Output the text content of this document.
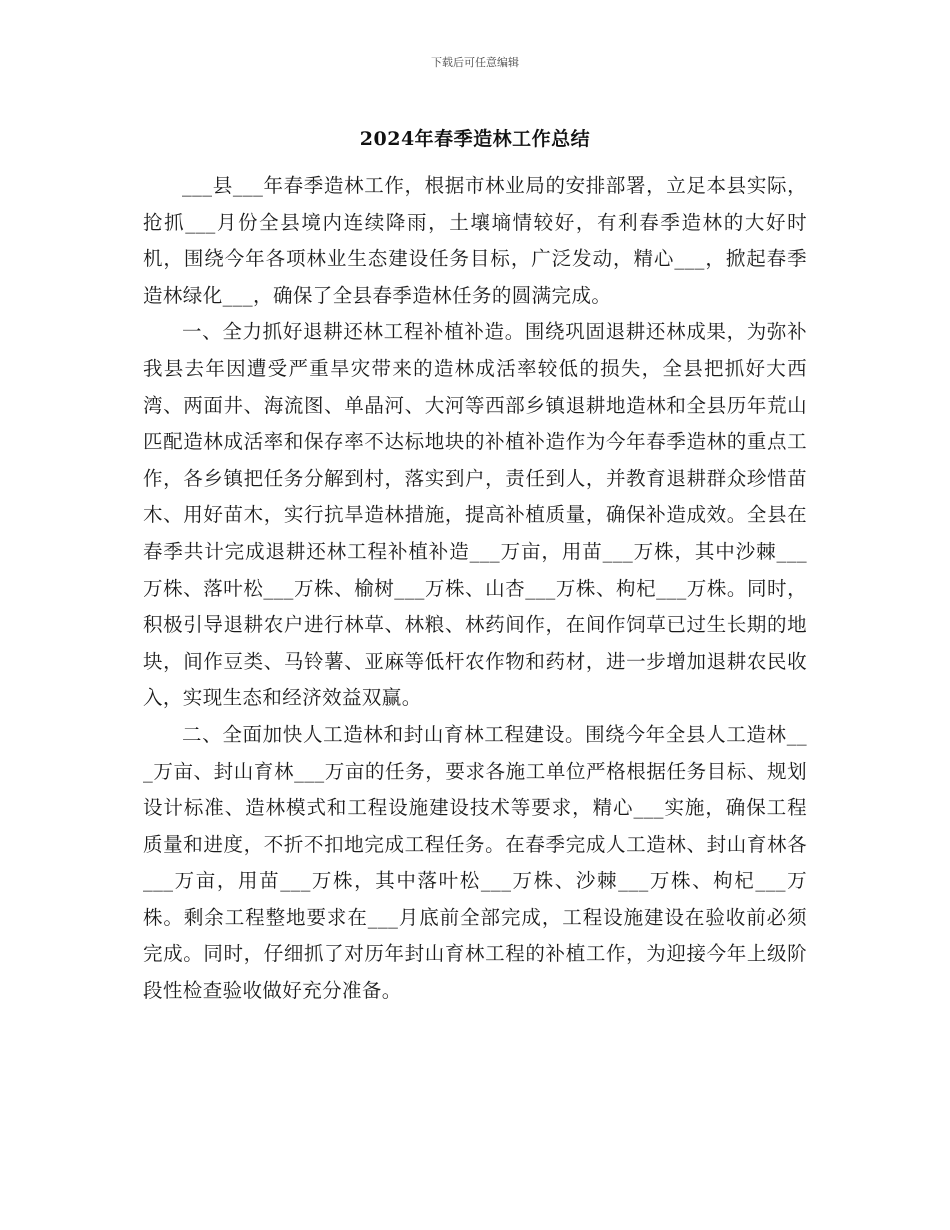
下载后可任意编辑
2024年春季造林工作总结

___县___年春季造林工作，根据市林业局的安排部署，立足本县实际，抢抓___月份全县境内连续降雨，土壤墒情较好，有利春季造林的大好时机，围绕今年各项林业生态建设任务目标，广泛发动，精心___，掀起春季造林绿化___，确保了全县春季造林任务的圆满完成。

一、全力抓好退耕还林工程补植补造。围绕巩固退耕还林成果，为弥补我县去年因遭受严重旱灾带来的造林成活率较低的损失，全县把抓好大西湾、两面井、海流图、单晶河、大河等西部乡镇退耕地造林和全县历年荒山匹配造林成活率和保存率不达标地块的补植补造作为今年春季造林的重点工作，各乡镇把任务分解到村，落实到户，责任到人，并教育退耕群众珍惜苗木、用好苗木，实行抗旱造林措施，提高补植质量，确保补造成效。全县在春季共计完成退耕还林工程补植补造___万亩，用苗___万株，其中沙棘___万株、落叶松___万株、榆树___万株、山杏___万株、枸杞___万株。同时，积极引导退耕农户进行林草、林粮、林药间作，在间作饲草已过生长期的地块，间作豆类、马铃薯、亚麻等低杆农作物和药材，进一步增加退耕农民收入，实现生态和经济效益双赢。

二、全面加快人工造林和封山育林工程建设。围绕今年全县人工造林___万亩、封山育林___万亩的任务，要求各施工单位严格根据任务目标、规划设计标准、造林模式和工程设施建设技术等要求，精心___实施，确保工程质量和进度，不折不扣地完成工程任务。在春季完成人工造林、封山育林各___万亩，用苗___万株，其中落叶松___万株、沙棘___万株、枸杞___万株。剩余工程整地要求在___月底前全部完成，工程设施建设在验收前必须完成。同时，仔细抓了对历年封山育林工程的补植工作，为迎接今年上级阶段性检查验收做好充分准备。
